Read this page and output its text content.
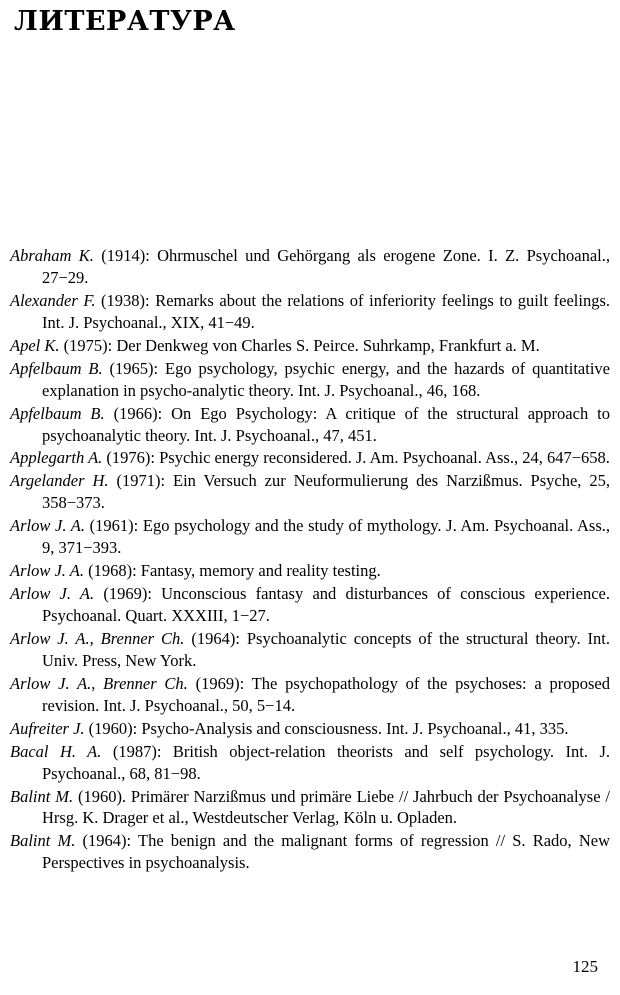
ЛИТЕРАТУРА
Abraham K. (1914): Ohrmuschel und Gehörgang als erogene Zone. I. Z. Psychoanal., 27−29.
Alexander F. (1938): Remarks about the relations of inferiority feelings to guilt feelings. Int. J. Psychoanal., XIX, 41−49.
Apel K. (1975): Der Denkweg von Charles S. Peirce. Suhrkamp, Frankfurt a. M.
Apfelbaum B. (1965): Ego psychology, psychic energy, and the hazards of quantitative explanation in psycho-analytic theory. Int. J. Psychoanal., 46, 168.
Apfelbaum B. (1966): On Ego Psychology: A critique of the structural approach to psychoanalytic theory. Int. J. Psychoanal., 47, 451.
Applegarth A. (1976): Psychic energy reconsidered. J. Am. Psychoanal. Ass., 24, 647−658.
Argelander H. (1971): Ein Versuch zur Neuformulierung des Narzißmus. Psyche, 25, 358−373.
Arlow J. A. (1961): Ego psychology and the study of mythology. J. Am. Psychoanal. Ass., 9, 371−393.
Arlow J. A. (1968): Fantasy, memory and reality testing.
Arlow J. A. (1969): Unconscious fantasy and disturbances of conscious experience. Psychoanal. Quart. XXXIII, 1−27.
Arlow J. A., Brenner Ch. (1964): Psychoanalytic concepts of the structural theory. Int. Univ. Press, New York.
Arlow J. A., Brenner Ch. (1969): The psychopathology of the psychoses: a proposed revision. Int. J. Psychoanal., 50, 5−14.
Aufreiter J. (1960): Psycho-Analysis and consciousness. Int. J. Psychoanal., 41, 335.
Bacal H. A. (1987): British object-relation theorists and self psychology. Int. J. Psychoanal., 68, 81−98.
Balint M. (1960). Primärer Narzißmus und primäre Liebe // Jahrbuch der Psychoanalyse / Hrsg. K. Drager et al., Westdeutscher Verlag, Köln u. Opladen.
Balint M. (1964): The benign and the malignant forms of regression // S. Rado, New Perspectives in psychoanalysis.
125
